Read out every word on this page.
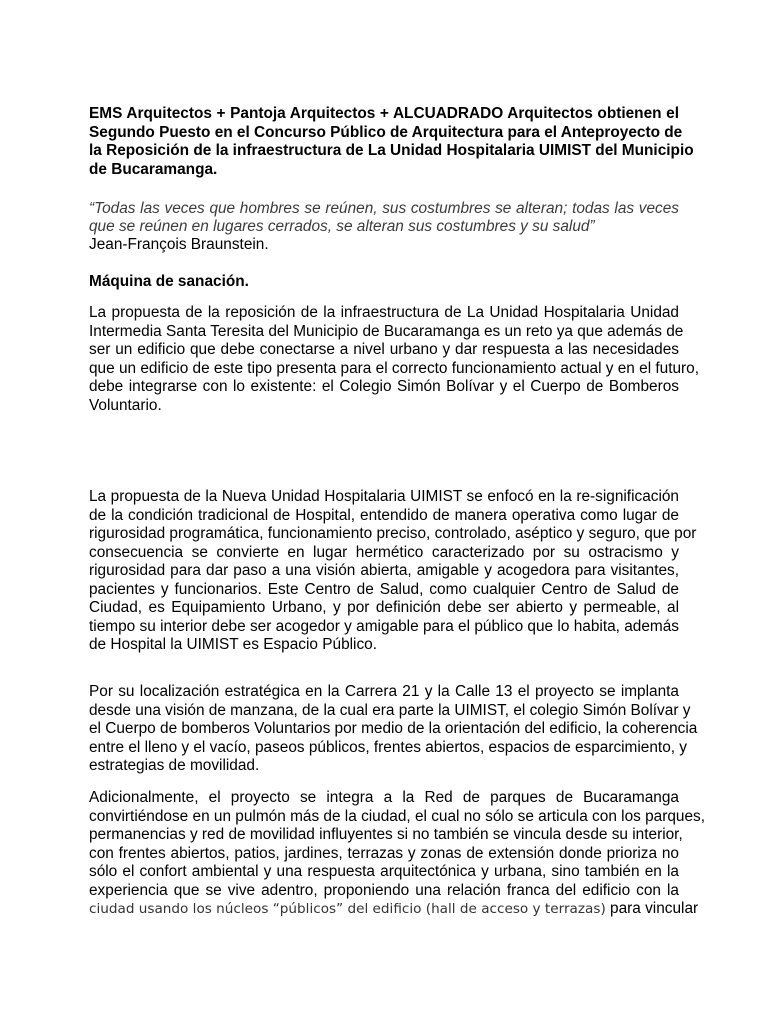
EMS Arquitectos + Pantoja Arquitectos + ALCUADRADO Arquitectos obtienen el
Segundo Puesto en el Concurso Público de Arquitectura para el Anteproyecto de
la Reposición de la infraestructura de La Unidad Hospitalaria UIMIST del Municipio
de Bucaramanga.
“Todas las veces que hombres se reúnen, sus costumbres se alteran; todas las veces
que se reúnen en lugares cerrados, se alteran sus costumbres y su salud”
Jean-François Braunstein.
Máquina de sanación.
La propuesta de la reposición de la infraestructura de La Unidad Hospitalaria Unidad
Intermedia Santa Teresita del Municipio de Bucaramanga es un reto ya que además de
ser un edificio que debe conectarse a nivel urbano y dar respuesta a las necesidades
que un edificio de este tipo presenta para el correcto funcionamiento actual y en el futuro,
debe integrarse con lo existente: el Colegio Simón Bolívar y el Cuerpo de Bomberos
Voluntario.
La propuesta de la Nueva Unidad Hospitalaria UIMIST se enfocó en la re-significación
de la condición tradicional de Hospital, entendido de manera operativa como lugar de
rigurosidad programática, funcionamiento preciso, controlado, aséptico y seguro, que por
consecuencia se convierte en lugar hermético caracterizado por su ostracismo y
rigurosidad para dar paso a una visión abierta, amigable y acogedora para visitantes,
pacientes y funcionarios. Este Centro de Salud, como cualquier Centro de Salud de
Ciudad, es Equipamiento Urbano, y por definición debe ser abierto y permeable, al
tiempo su interior debe ser acogedor y amigable para el público que lo habita, además
de Hospital la UIMIST es Espacio Público.
Por su localización estratégica en la Carrera 21 y la Calle 13 el proyecto se implanta
desde una visión de manzana, de la cual era parte la UIMIST, el colegio Simón Bolívar y
el Cuerpo de bomberos Voluntarios por medio de la orientación del edificio, la coherencia
entre el lleno y el vacío, paseos públicos, frentes abiertos, espacios de esparcimiento, y
estrategias de movilidad.
Adicionalmente, el proyecto se integra a la Red de parques de Bucaramanga
convirtiéndose en un pulmón más de la ciudad, el cual no sólo se articula con los parques,
permanencias y red de movilidad influyentes si no también se vincula desde su interior,
con frentes abiertos, patios, jardines, terrazas y zonas de extensión donde prioriza no
sólo el confort ambiental y una respuesta arquitectónica y urbana, sino también en la
experiencia que se vive adentro, proponiendo una relación franca del edificio con la
ciudad usando los núcleos “públicos” del edificio (hall de acceso y terrazas) para vincular
